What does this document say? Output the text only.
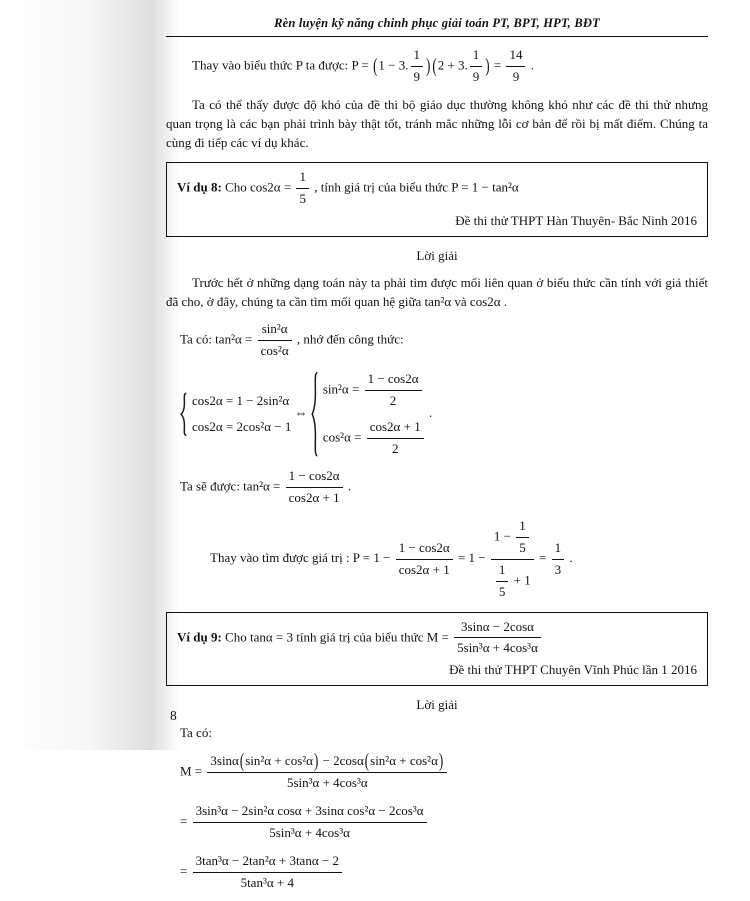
Rèn luyện kỹ năng chinh phục giải toán PT, BPT, HPT, BĐT
Thay vào biểu thức P ta được: P = (1 − 3. $\frac{1}{9}$ ) (2 + 3. $\frac{1}{9}$ ) = $\frac{14}{9}$ .

Ta có thể thấy được độ khó của đề thi bộ giáo dục thường không khó như các đề thi thử nhưng quan trọng là các bạn phải trình bày thật tốt, tránh mắc những lỗi cơ bản để rồi bị mất điểm. Chúng ta cùng đi tiếp các ví dụ khác.

Ví dụ 8: Cho $\cos 2\alpha = \frac{1}{5}$ , tính giá trị của biểu thức P = 1 − tan²α
Đề thi thử THPT Hàn Thuyên- Bắc Ninh 2016
Lời giải

Trước hết ở những dạng toán này ta phải tìm được mối liên quan ở biểu thức cần tính với giả thiết đã cho, ở đây, chúng ta cần tìm mối quan hệ giữa tan²α và cos2α .

Ta có: $\tan^2\alpha = \frac{\text{sin²α}}{\text{cos²α}}$ , nhớ đến công thức:
cos2α = 1 − 2sin²α
cos2α = 2cos²α − 1
⇔
$\sin^2\alpha = \frac{1 - \cos 2\alpha}{2}$
$\cos^2\alpha = \frac{\cos 2\alpha + 1}{2}$
.
Ta sẽ được: $\tan^2\alpha = \frac{1 - \cos 2\alpha}{\cos 2\alpha + 1}$ .
Thay vào tìm được giá trị : $P = 1 - \frac{1 - \cos 2\alpha}{\cos 2\alpha + 1} = 1 - \frac{1 - \frac{1}{5}}{\frac{1}{5} + 1} = \frac{1}{3}$ .
Ví dụ 9: Cho tanα = 3 tính giá trị của biểu thức $M = \frac{3\sin\alpha - 2\cos\alpha}{\text{5sin³α + 4cos³α}}$
Đề thi thử THPT Chuyên Vĩnh Phúc lần 1 2016
Lời giải
Ta có:
$M = \frac{\text{3sinα(sin²α + cos²α) − 2cosα(sin²α + cos²α)}}{\text{5sin³α + 4cos³α}}$
= $\frac{\text{3sin³α − 2sin²α cosα + 3sinα cos²α − 2cos³α}}{\text{5sin³α + 4cos³α}}$
= $\frac{\text{3tan³α − 2tan²α + 3tanα − 2}}{\text{5tan³α + 4}}$
8
